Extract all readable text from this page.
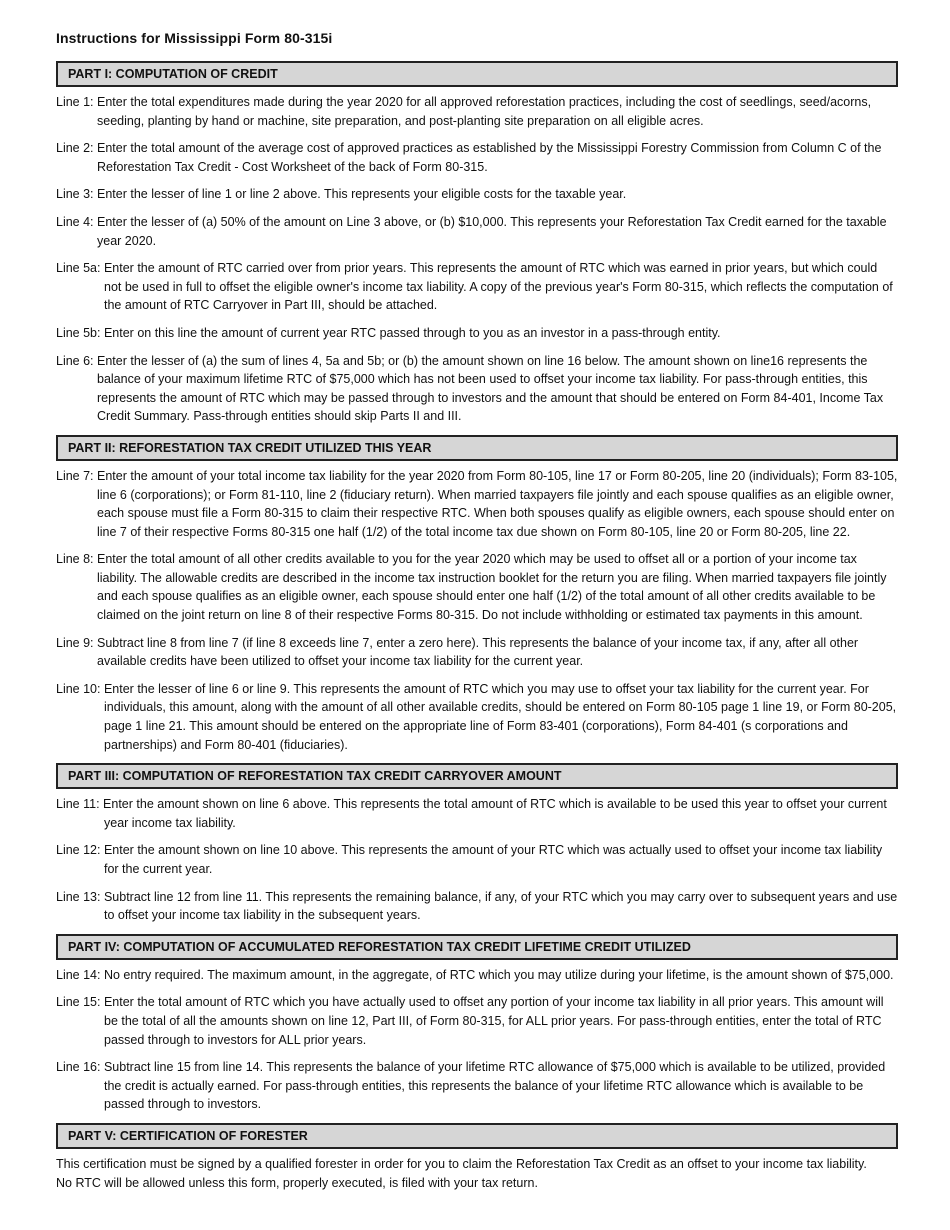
Instructions for Mississippi Form 80-315i
PART I: COMPUTATION OF CREDIT
Line 1: Enter the total expenditures made during the year 2020 for all approved reforestation practices, including the cost of seedlings, seed/acorns, seeding, planting by hand or machine, site preparation, and post-planting site preparation on all eligible acres.
Line 2: Enter the total amount of the average cost of approved practices as established by the Mississippi Forestry Commission from Column C of the Reforestation Tax Credit - Cost Worksheet of the back of Form 80-315.
Line 3: Enter the lesser of line 1 or line 2 above. This represents your eligible costs for the taxable year.
Line 4: Enter the lesser of (a) 50% of the amount on Line 3 above, or (b) $10,000. This represents your Reforestation Tax Credit earned for the taxable year 2020.
Line 5a: Enter the amount of RTC carried over from prior years. This represents the amount of RTC which was earned in prior years, but which could not be used in full to offset the eligible owner's income tax liability. A copy of the previous year's Form 80-315, which reflects the computation of the amount of RTC Carryover in Part III, should be attached.
Line 5b: Enter on this line the amount of current year RTC passed through to you as an investor in a pass-through entity.
Line 6: Enter the lesser of (a) the sum of lines 4, 5a and 5b; or (b) the amount shown on line 16 below. The amount shown on line16 represents the balance of your maximum lifetime RTC of $75,000 which has not been used to offset your income tax liability. For pass-through entities, this represents the amount of RTC which may be passed through to investors and the amount that should be entered on Form 84-401, Income Tax Credit Summary. Pass-through entities should skip Parts II and III.
PART II: REFORESTATION TAX CREDIT UTILIZED THIS YEAR
Line 7: Enter the amount of your total income tax liability for the year 2020 from Form 80-105, line 17 or Form 80-205, line 20 (individuals); Form 83-105, line 6 (corporations); or Form 81-110, line 2 (fiduciary return). When married taxpayers file jointly and each spouse qualifies as an eligible owner, each spouse must file a Form 80-315 to claim their respective RTC. When both spouses qualify as eligible owners, each spouse should enter on line 7 of their respective Forms 80-315 one half (1/2) of the total income tax due shown on Form 80-105, line 20 or Form 80-205, line 22.
Line 8: Enter the total amount of all other credits available to you for the year 2020 which may be used to offset all or a portion of your income tax liability. The allowable credits are described in the income tax instruction booklet for the return you are filing. When married taxpayers file jointly and each spouse qualifies as an eligible owner, each spouse should enter one half (1/2) of the total amount of all other credits available to be claimed on the joint return on line 8 of their respective Forms 80-315. Do not include withholding or estimated tax payments in this amount.
Line 9: Subtract line 8 from line 7 (if line 8 exceeds line 7, enter a zero here). This represents the balance of your income tax, if any, after all other available credits have been utilized to offset your income tax liability for the current year.
Line 10: Enter the lesser of line 6 or line 9. This represents the amount of RTC which you may use to offset your tax liability for the current year. For individuals, this amount, along with the amount of all other available credits, should be entered on Form 80-105 page 1 line 19, or Form 80-205, page 1 line 21. This amount should be entered on the appropriate line of Form 83-401 (corporations), Form 84-401 (s corporations and partnerships) and Form 80-401 (fiduciaries).
PART III: COMPUTATION OF REFORESTATION TAX CREDIT CARRYOVER AMOUNT
Line 11: Enter the amount shown on line 6 above. This represents the total amount of RTC which is available to be used this year to offset your current year income tax liability.
Line 12: Enter the amount shown on line 10 above. This represents the amount of your RTC which was actually used to offset your income tax liability for the current year.
Line 13: Subtract line 12 from line 11. This represents the remaining balance, if any, of your RTC which you may carry over to subsequent years and use to offset your income tax liability in the subsequent years.
PART IV: COMPUTATION OF ACCUMULATED REFORESTATION TAX CREDIT LIFETIME CREDIT UTILIZED
Line 14: No entry required. The maximum amount, in the aggregate, of RTC which you may utilize during your lifetime, is the amount shown of $75,000.
Line 15: Enter the total amount of RTC which you have actually used to offset any portion of your income tax liability in all prior years. This amount will be the total of all the amounts shown on line 12, Part III, of Form 80-315, for ALL prior years. For pass-through entities, enter the total of RTC passed through to investors for ALL prior years.
Line 16: Subtract line 15 from line 14. This represents the balance of your lifetime RTC allowance of $75,000 which is available to be utilized, provided the credit is actually earned. For pass-through entities, this represents the balance of your lifetime RTC allowance which is available to be passed through to investors.
PART V: CERTIFICATION OF FORESTER

This certification must be signed by a qualified forester in order for you to claim the Reforestation Tax Credit as an offset to your income tax liability.
No RTC will be allowed unless this form, properly executed, is filed with your tax return.
